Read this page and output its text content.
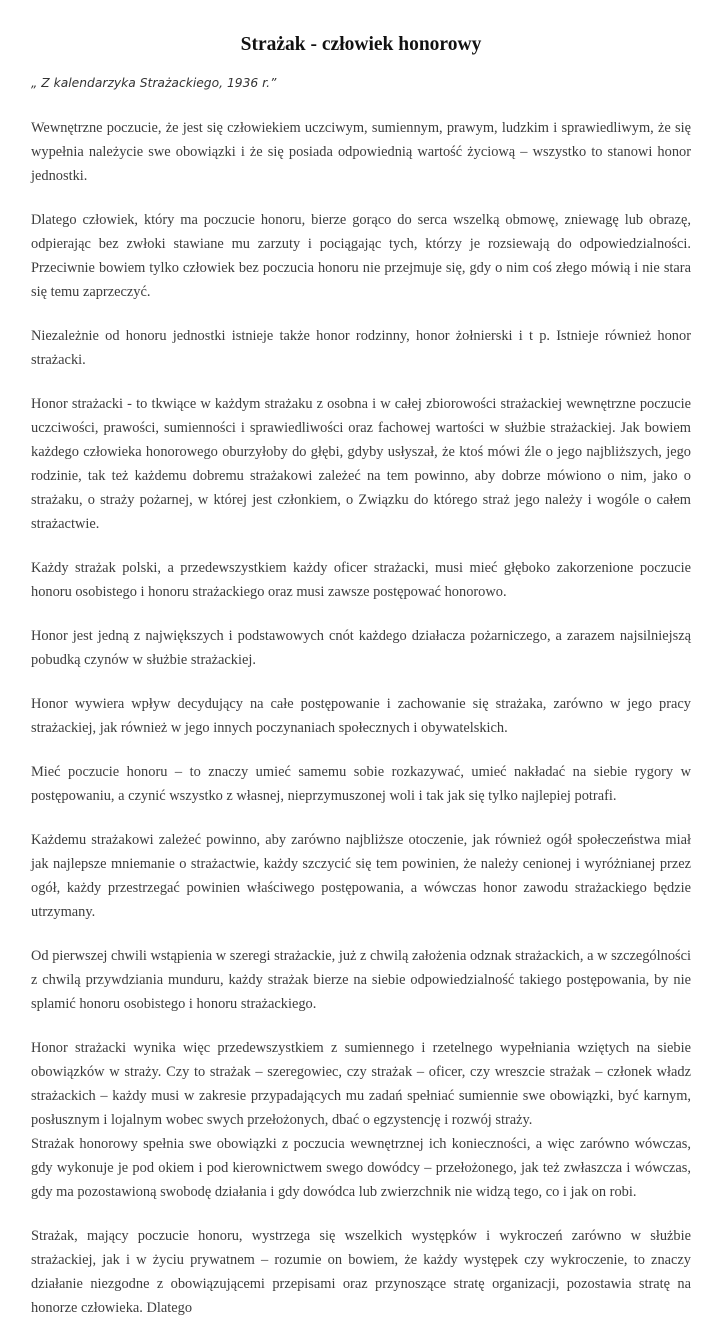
Strażak - człowiek honorowy
„ Z kalendarzyka Strażackiego, 1936 r.”

Wewnętrzne poczucie, że jest się człowiekiem uczciwym, sumiennym, prawym, ludzkim i sprawiedliwym, że się wypełnia należycie swe obowiązki i że się posiada odpowiednią wartość życiową – wszystko to stanowi honor jednostki.

Dlatego człowiek, który ma poczucie honoru, bierze gorąco do serca wszelką obmowę, zniewagę lub obrazę, odpierając bez zwłoki stawiane mu zarzuty i pociągając tych, którzy je rozsiewają do odpowiedzialności. Przeciwnie bowiem tylko człowiek bez poczucia honoru nie przejmuje się, gdy o nim coś złego mówią i nie stara się temu zaprzeczyć.

Niezależnie od honoru jednostki istnieje także honor rodzinny, honor żołnierski i t p. Istnieje również honor strażacki.

Honor strażacki - to tkwiące w każdym strażaku z osobna i w całej zbiorowości strażackiej wewnętrzne poczucie uczciwości, prawości, sumienności i sprawiedliwości oraz fachowej wartości w służbie strażackiej. Jak bowiem każdego człowieka honorowego oburzyłoby do głębi, gdyby usłyszał, że ktoś mówi źle o jego najbliższych, jego rodzinie, tak też każdemu dobremu strażakowi zależeć na tem powinno, aby dobrze mówiono o nim, jako o strażaku, o straży pożarnej, w której jest członkiem, o Związku do którego straż jego należy i wogóle o całem strażactwie.

Każdy strażak polski, a przedewszystkiem każdy oficer strażacki, musi mieć głęboko zakorzenione poczucie honoru osobistego i honoru strażackiego oraz musi zawsze postępować honorowo.

Honor jest jedną z największych i podstawowych cnót każdego działacza pożarniczego, a zarazem najsilniejszą pobudką czynów w służbie strażackiej.

Honor wywiera wpływ decydujący na całe postępowanie i zachowanie się strażaka, zarówno w jego pracy strażackiej, jak również w jego innych poczynaniach społecznych i obywatelskich.

Mieć poczucie honoru – to znaczy umieć samemu sobie rozkazywać, umieć nakładać na siebie rygory w postępowaniu, a czynić wszystko z własnej, nieprzymuszonej woli i tak jak się tylko najlepiej potrafi.

Każdemu strażakowi zależeć powinno, aby zarówno najbliższe otoczenie, jak również ogół społeczeństwa miał jak najlepsze mniemanie o strażactwie, każdy szczycić się tem powinien, że należy cenionej i wyróżnianej przez ogół, każdy przestrzegać powinien właściwego postępowania, a wówczas honor zawodu strażackiego będzie utrzymany.

Od pierwszej chwili wstąpienia w szeregi strażackie, już z chwilą założenia odznak strażackich, a w szczególności z chwilą przywdziania munduru, każdy strażak bierze na siebie odpowiedzialność takiego postępowania, by nie splamić honoru osobistego i honoru strażackiego.

Honor strażacki wynika więc przedewszystkiem z sumiennego i rzetelnego wypełniania wziętych na siebie obowiązków w straży. Czy to strażak – szeregowiec, czy strażak – oficer, czy wreszcie strażak – członek władz strażackich – każdy musi w zakresie przypadających mu zadań spełniać sumiennie swe obowiązki, być karnym, posłusznym i lojalnym wobec swych przełożonych, dbać o egzystencję i rozwój straży.

Strażak honorowy spełnia swe obowiązki z poczucia wewnętrznej ich konieczności, a więc zarówno wówczas, gdy wykonuje je pod okiem i pod kierownictwem swego dowódcy – przełożonego, jak też zwłaszcza i wówczas, gdy ma pozostawioną swobodę działania i gdy dowódca lub zwierzchnik nie widzą tego, co i jak on robi.

Strażak, mający poczucie honoru, wystrzega się wszelkich występków i wykroczeń zarówno w służbie strażackiej, jak i w życiu prywatnem – rozumie on bowiem, że każdy występek czy wykroczenie, to znaczy działanie niezgodne z obowiązującemi przepisami oraz przynoszące stratę organizacji, pozostawia stratę na honorze człowieka. Dlatego
